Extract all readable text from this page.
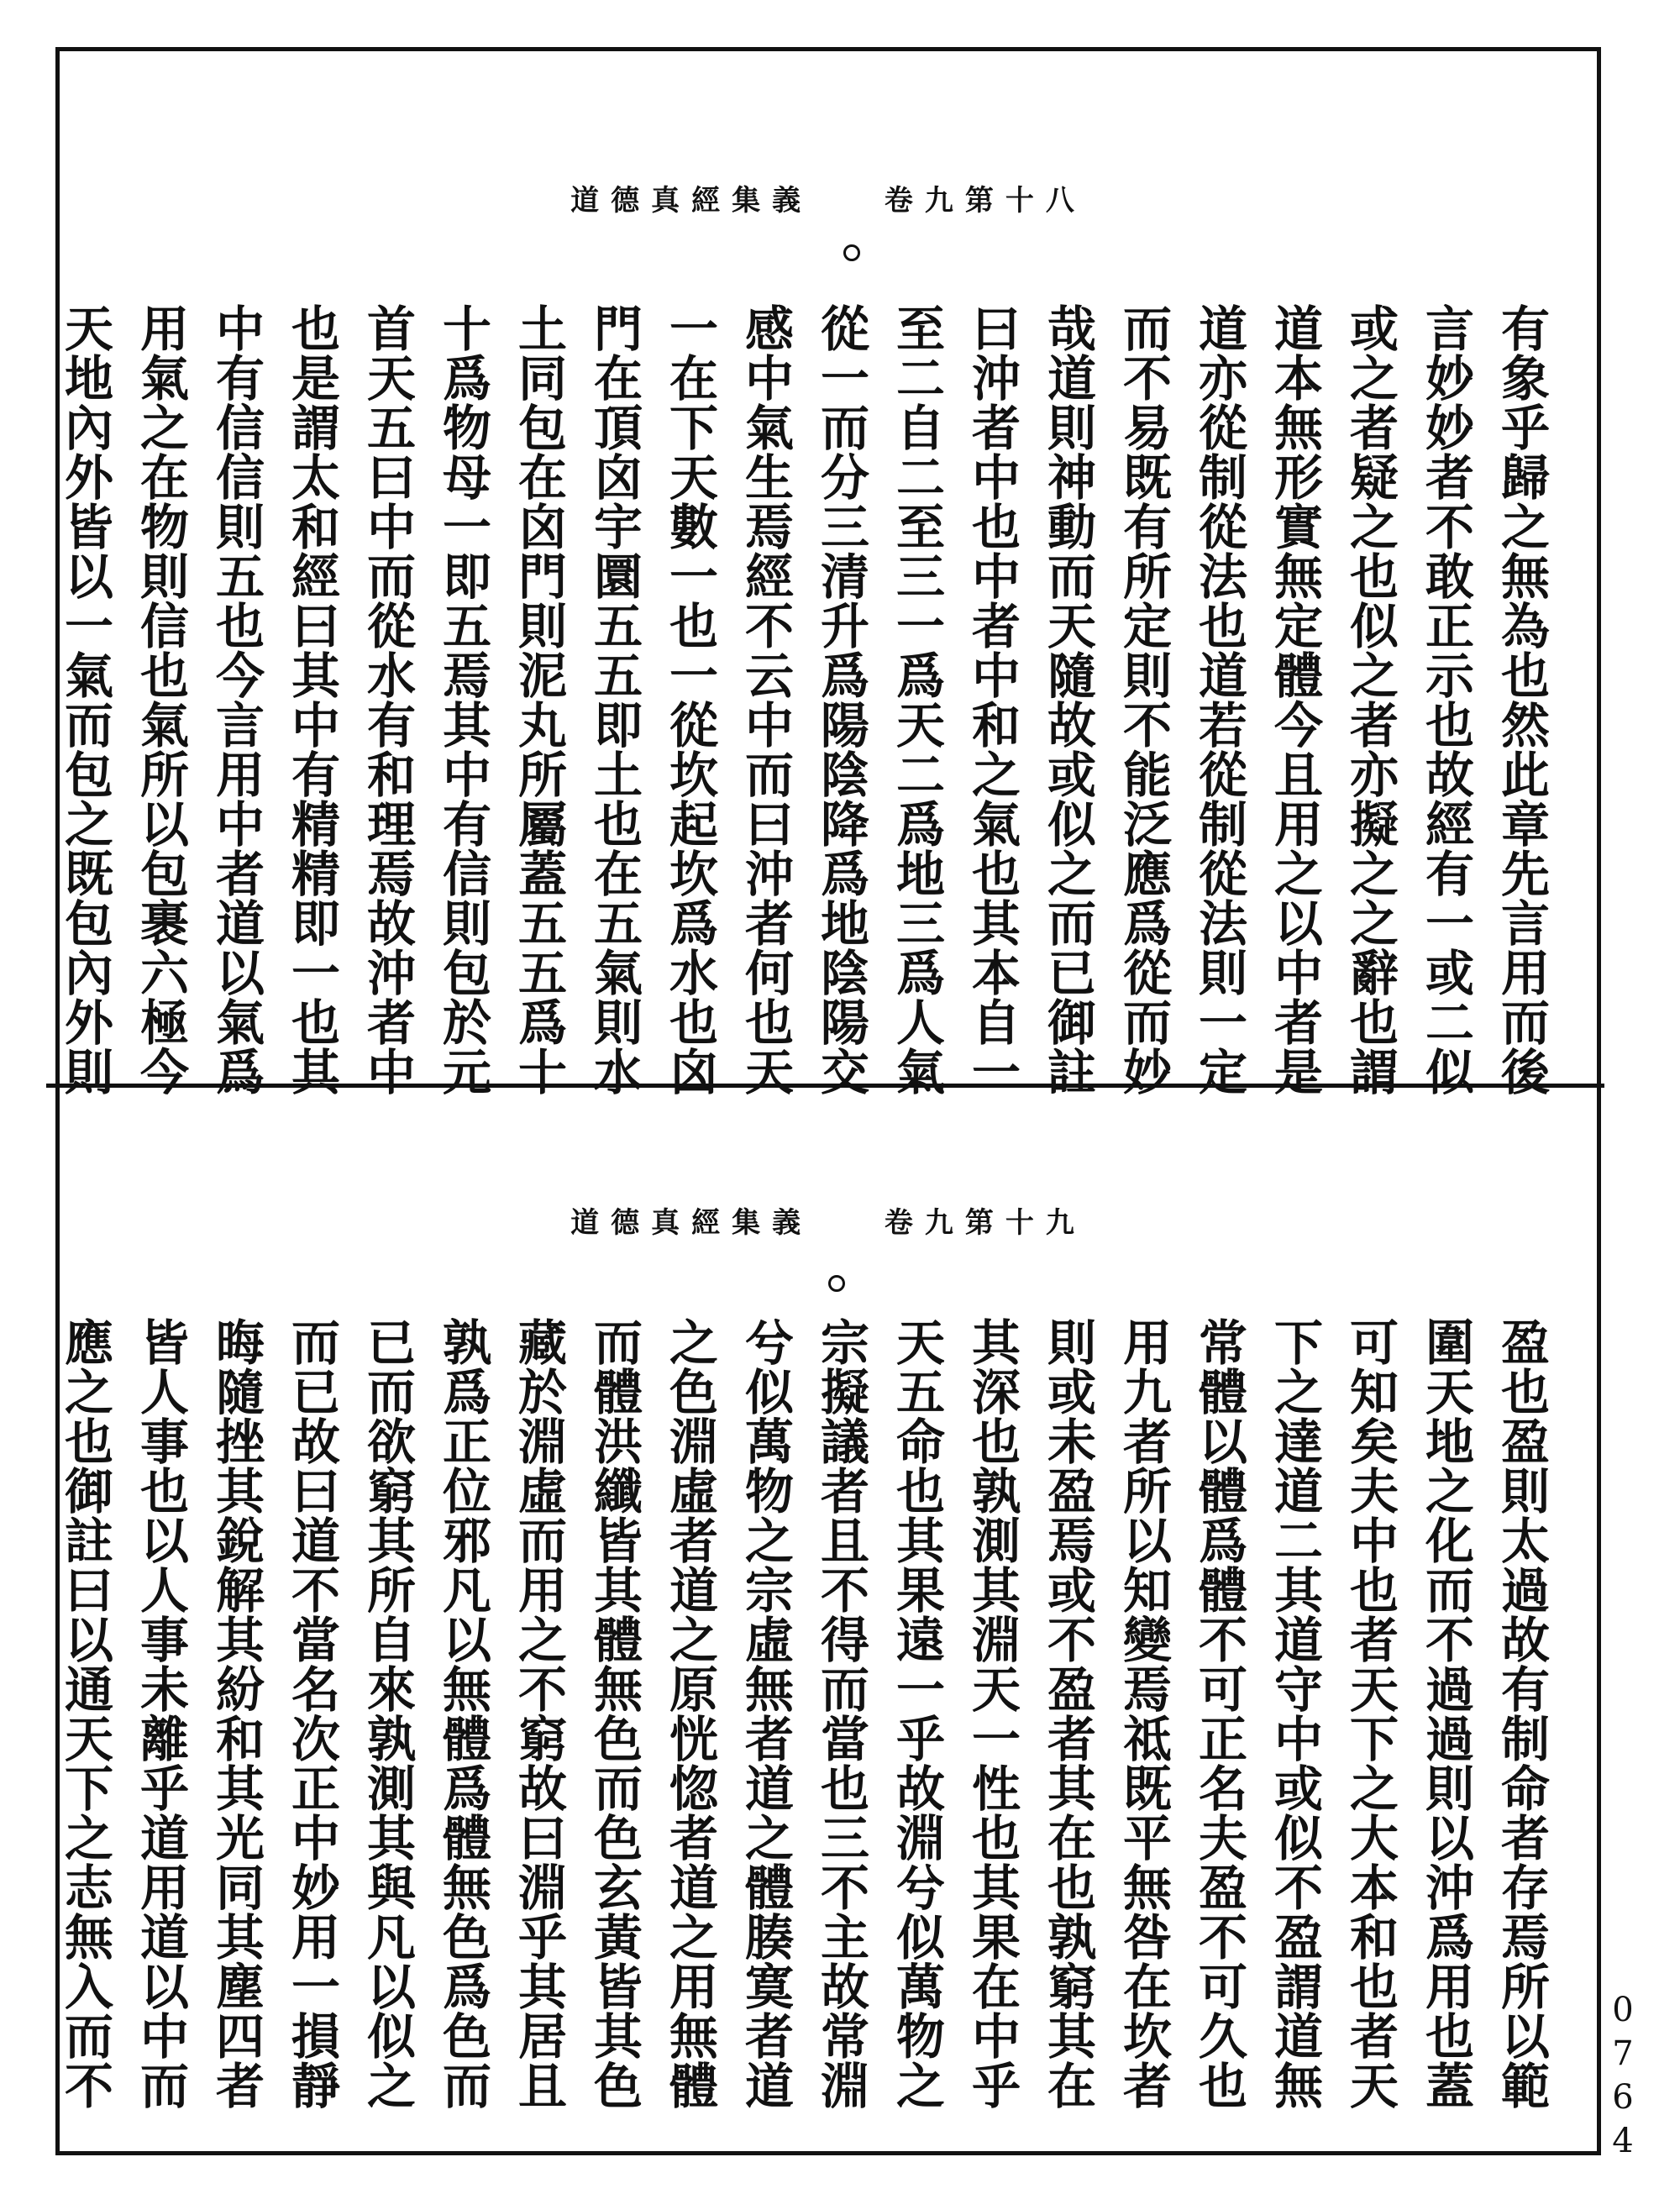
道德真經集義	卷九第十八

有象乎歸之無為也然此章先言用而後

言妙妙者不敢正示也故經有一或二似

或之者疑之也似之者亦擬之之辭也謂

道本無形實無定體今且用之以中者是

道亦從制從法也道若從制從法則一定

而不易既有所定則不能泛應爲從而妙

哉道則神動而天隨故或似之而已御註

曰沖者中也中者中和之氣也其本自一

至二自二至三一爲天二爲地三爲人氣

從一而分三清升爲陽陰降爲地陰陽交

感中氣生焉經不云中而曰沖者何也天

一在下天數一也一從坎起坎爲水也囟

門在頂囟宇圜五五即土也在五氣則水

土同包在囟門則泥丸所屬蓋五五爲十

十爲物母一即五焉其中有信則包於元

首天五曰中而從水有和理焉故沖者中

也是謂太和經曰其中有精精即一也其

中有信信則五也今言用中者道以氣爲

用氣之在物則信也氣所以包裹六極今

天地內外皆以一氣而包之既包內外則

道德真經集義	卷九第十九

盈也盈則太過故有制命者存焉所以範

圍天地之化而不過過則以沖爲用也蓋

可知矣夫中也者天下之大本和也者天

下之達道二其道守中或似不盈謂道無

常體以體爲體不可正名夫盈不可久也

用九者所以知變焉祗既平無咎在坎者

則或未盈焉或不盈者其在也孰窮其在

其深也孰測其淵天一性也其果在中乎

天五命也其果遠一乎故淵兮似萬物之

宗擬議者且不得而當也三不主故常淵

兮似萬物之宗虛無者道之體腠寞者道

之色淵虛者道之原恍惚者道之用無體

而體洪纖皆其體無色而色玄黃皆其色

藏於淵虛而用之不窮故曰淵乎其居且

孰爲正位邪凡以無體爲體無色爲色而

已而欲窮其所自來孰測其與凡以似之

而已故曰道不當名次正中妙用一損靜

晦隨挫其銳解其紛和其光同其塵四者

皆人事也以人事未離乎道用道以中而

應之也御註曰以通天下之志無入而不	0764
